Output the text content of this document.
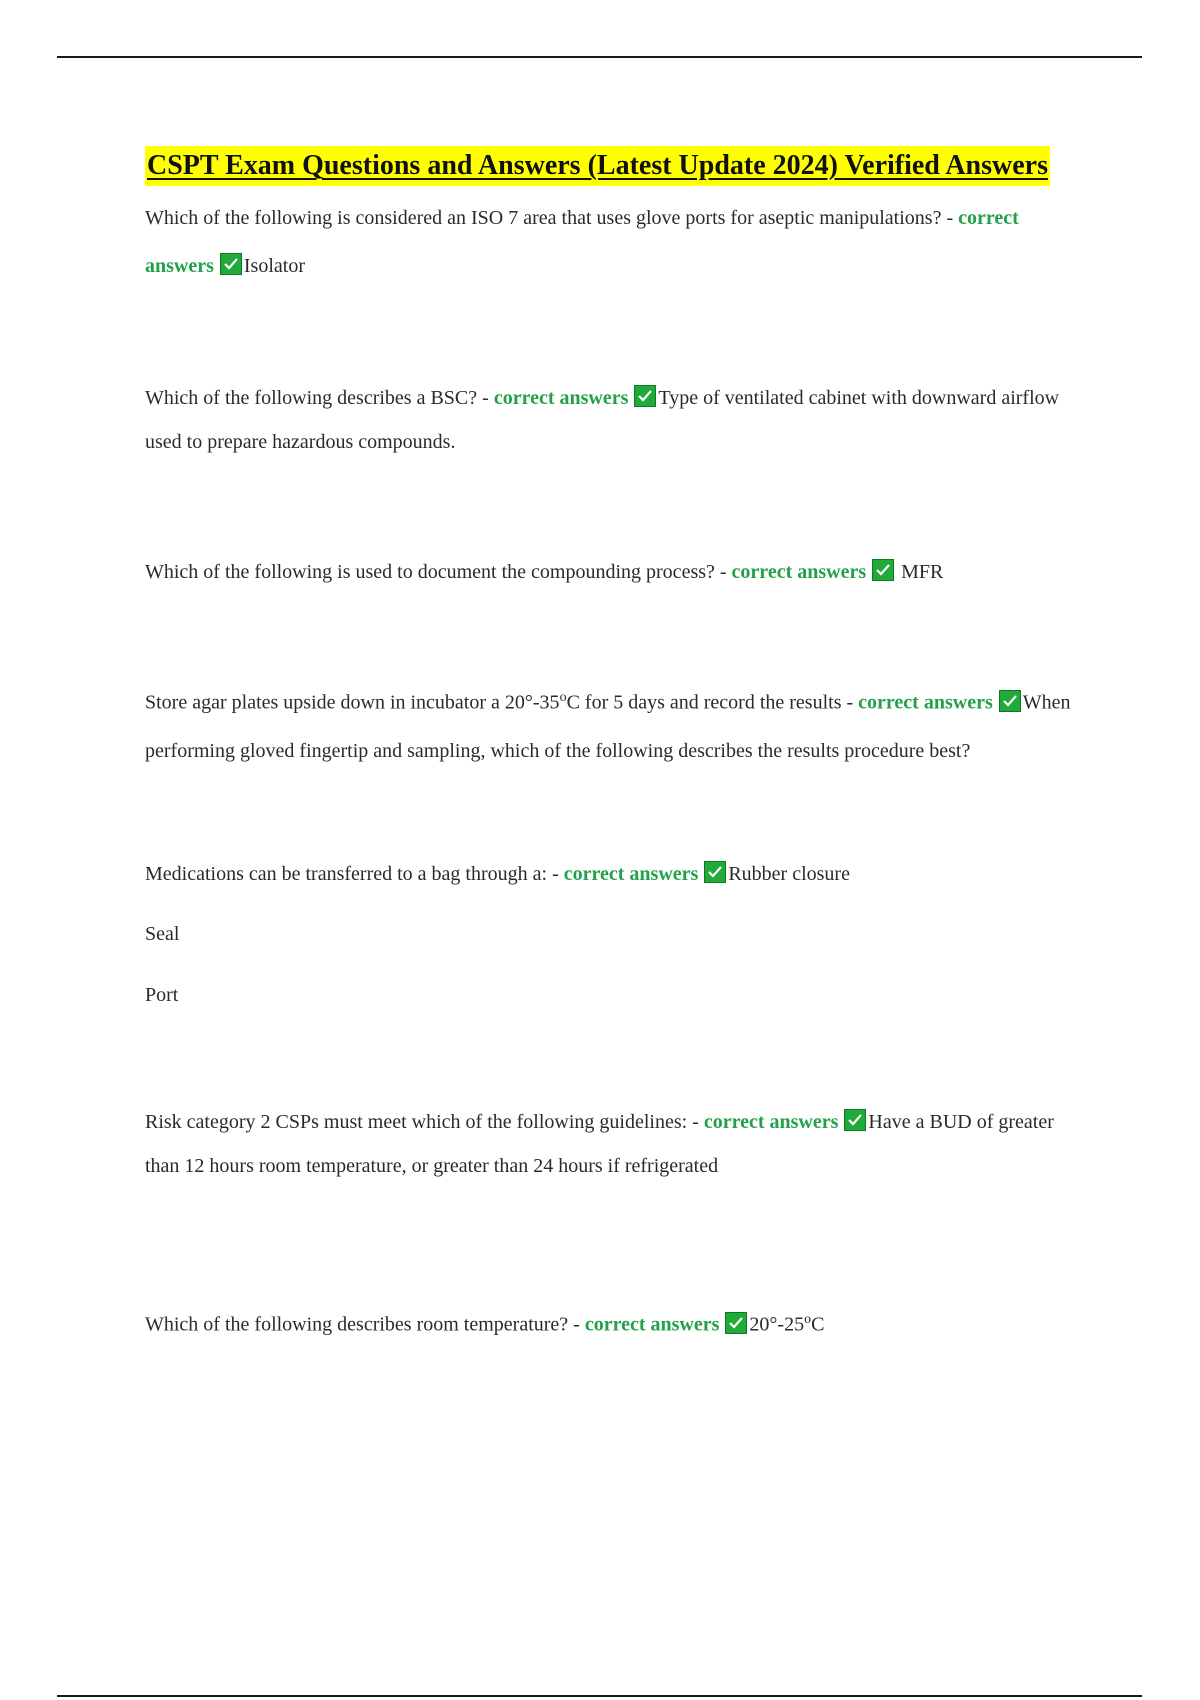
CSPT Exam Questions and Answers (Latest Update 2024) Verified Answers

Which of the following is considered an ISO 7 area that uses glove ports for aseptic manipulations? - correct answers Isolator

Which of the following describes a BSC? - correct answers Type of ventilated cabinet with downward airflow used to prepare hazardous compounds.

Which of the following is used to document the compounding process? - correct answers
MFR

Store agar plates upside down in incubator a 20°-35$^o$C for 5 days and record the results - correct answers When performing gloved fingertip and sampling, which of the following describes the results procedure best?

Medications can be transferred to a bag through a: - correct answers Rubber closure

Seal

Port

Risk category 2 CSPs must meet which of the following guidelines: - correct answers Have a BUD of greater than 12 hours room temperature, or greater than 24 hours if refrigerated

Which of the following describes room temperature? - correct answers 20°-25$^o$C
